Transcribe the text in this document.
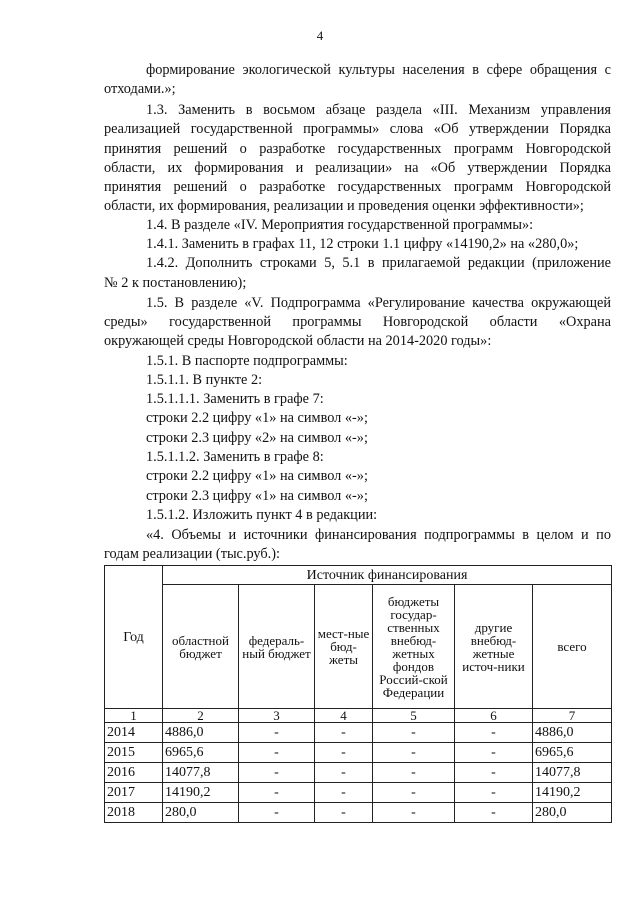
4
формирование экологической культуры населения в сфере обращения с
отходами.»;
1.3. Заменить в восьмом абзаце раздела «III. Механизм управления
реализацией государственной программы» слова «Об утверждении Порядка
принятия решений о разработке государственных программ Новгородской
области, их формирования и реализации» на «Об утверждении Порядка
принятия решений о разработке государственных программ Новгородской
области, их формирования, реализации и проведения оценки эффективности»;
1.4. В разделе «IV. Мероприятия государственной программы»:
1.4.1. Заменить в графах 11, 12 строки 1.1 цифру «14190,2» на «280,0»;
1.4.2. Дополнить строками 5, 5.1 в прилагаемой редакции (приложение
№ 2 к постановлению);
1.5. В разделе «V. Подпрограмма «Регулирование качества окружающей
среды» государственной программы Новгородской области «Охрана
окружающей среды Новгородской области на 2014-2020 годы»:
1.5.1. В паспорте подпрограммы:
1.5.1.1. В пункте 2:
1.5.1.1.1. Заменить в графе 7:
строки 2.2 цифру «1» на символ «-»;
строки 2.3 цифру «2» на символ «-»;
1.5.1.1.2. Заменить в графе 8:
строки 2.2 цифру «1» на символ «-»;
строки 2.3 цифру «1» на символ «-»;
1.5.1.2. Изложить пункт 4 в редакции:
«4. Объемы и источники финансирования подпрограммы в целом и по
годам реализации (тыс.руб.):
Год	Источник финансирования					
	областной бюджет	федераль-ный бюджет	мест-ные бюд-жеты	бюджеты государ-ственных внебюд-жетных фондов Россий-ской Федерации	другие внебюд-жетные источ-ники	всего
1	2	3	4	5	6	7
2014	4886,0	-	-	-	-	4886,0
2015	6965,6	-	-	-	-	6965,6
2016	14077,8	-	-	-	-	14077,8
2017	14190,2	-	-	-	-	14190,2
2018	280,0	-	-	-	-	280,0
